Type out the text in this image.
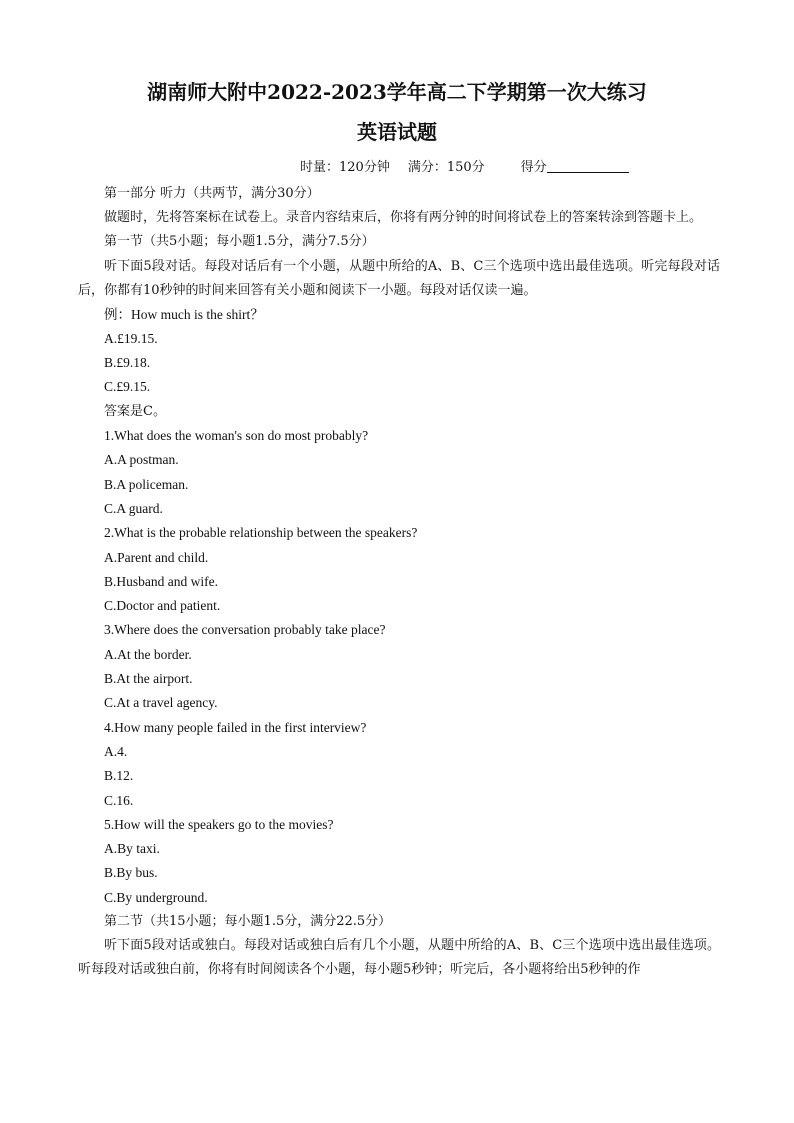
湖南师大附中2022-2023学年高二下学期第一次大练习
英语试题
时量：120分钟 满分：150分	得分
第一部分 听力（共两节，满分30分）
做题时，先将答案标在试卷上。录音内容结束后，你将有两分钟的时间将试卷上的答案转涂到答题卡上。
第一节（共5小题；每小题1.5分，满分7.5分）
听下面5段对话。每段对话后有一个小题，从题中所给的A、B、C三个选项中选出最佳选项。听完每段对话后，你都有10秒钟的时间来回答有关小题和阅读下一小题。每段对话仅读一遍。
例：How much is the shirt？
A.£19.15.
B.£9.18.
C.£9.15.
答案是C。
1.What does the woman's son do most probably?
A.A postman.
B.A policeman.
C.A guard.
2.What is the probable relationship between the speakers?
A.Parent and child.
B.Husband and wife.
C.Doctor and patient.
3.Where does the conversation probably take place?
A.At the border.
B.At the airport.
C.At a travel agency.
4.How many people failed in the first interview?
A.4.
B.12.
C.16.
5.How will the speakers go to the movies?
A.By taxi.
B.By bus.
C.By underground.
第二节（共15小题；每小题1.5分，满分22.5分）
听下面5段对话或独白。每段对话或独白后有几个小题，从题中所给的A、B、C三个选项中选出最佳选项。听每段对话或独白前，你将有时间阅读各个小题，每小题5秒钟；听完后，各小题将给出5秒钟的作
